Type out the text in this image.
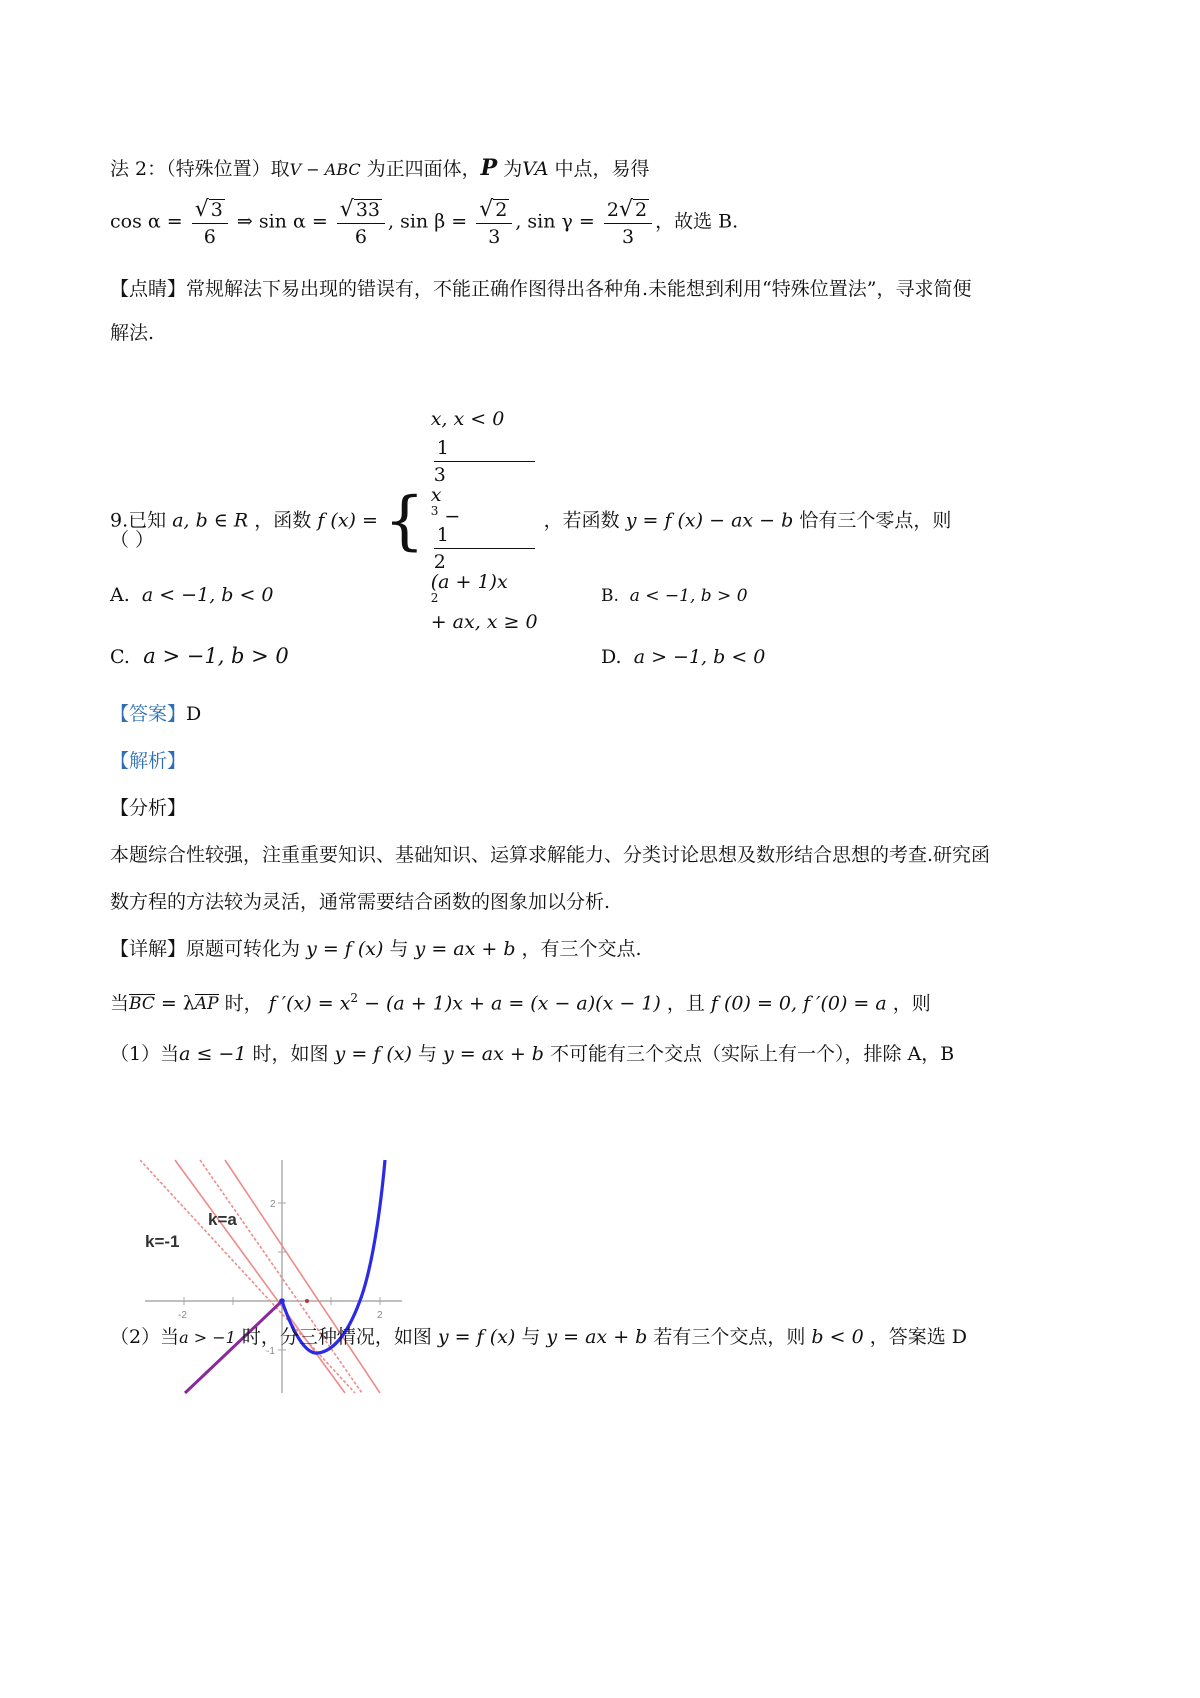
法 2：（特殊位置）取V − ABC 为正四面体，P 为VA 中点，易得
$\cos \alpha = \frac{√ 3}{6}$ ⇒ $\sin \alpha = \frac{√ 33}{6}$ , $\sin \beta = \frac{√ 2}{3}$ , $\sin \gamma = \frac{2 √ 2}{3}$ ，故选 B.
【点睛】常规解法下易出现的错误有，不能正确作图得出各种角.未能想到利用“特殊位置法”，寻求简便
解法.
9.已知 a, b ∈ R ，函数 f (x) = {
x, x < 0
1
3
x
$^3$ −
1
2
(a + 1)x
$^2$
+ ax, x ≥ 0
，若函数 y = f (x) − ax − b 恰有三个零点，则
（ ）
A. a < −1, b < 0	B. a < −1, b > 0
C. a > −1, b > 0	D. a > −1, b < 0
【答案】D
【解析】
【分析】
本题综合性较强，注重重要知识、基础知识、运算求解能力、分类讨论思想及数形结合思想的考查.研究函
数方程的方法较为灵活，通常需要结合函数的图象加以分析.
【详解】原题可转化为 y = f (x) 与 y = ax + b ，有三个交点.
当BC = λAP 时， f $'(x) = x^2 - (a + 1)x + a = (x - a)(x - 1)$ ，且 f (0) = 0, f ′(0) = a ，则
（1）当a ≤ −1 时，如图 y = f (x) 与 y = ax + b 不可能有三个交点（实际上有一个），排除 A，B
-2	2
2
-1
k=-1
k=a
（2）当a > −1 时，分三种情况，如图 y = f (x) 与 y = ax + b 若有三个交点，则 b < 0 ，答案选 D
